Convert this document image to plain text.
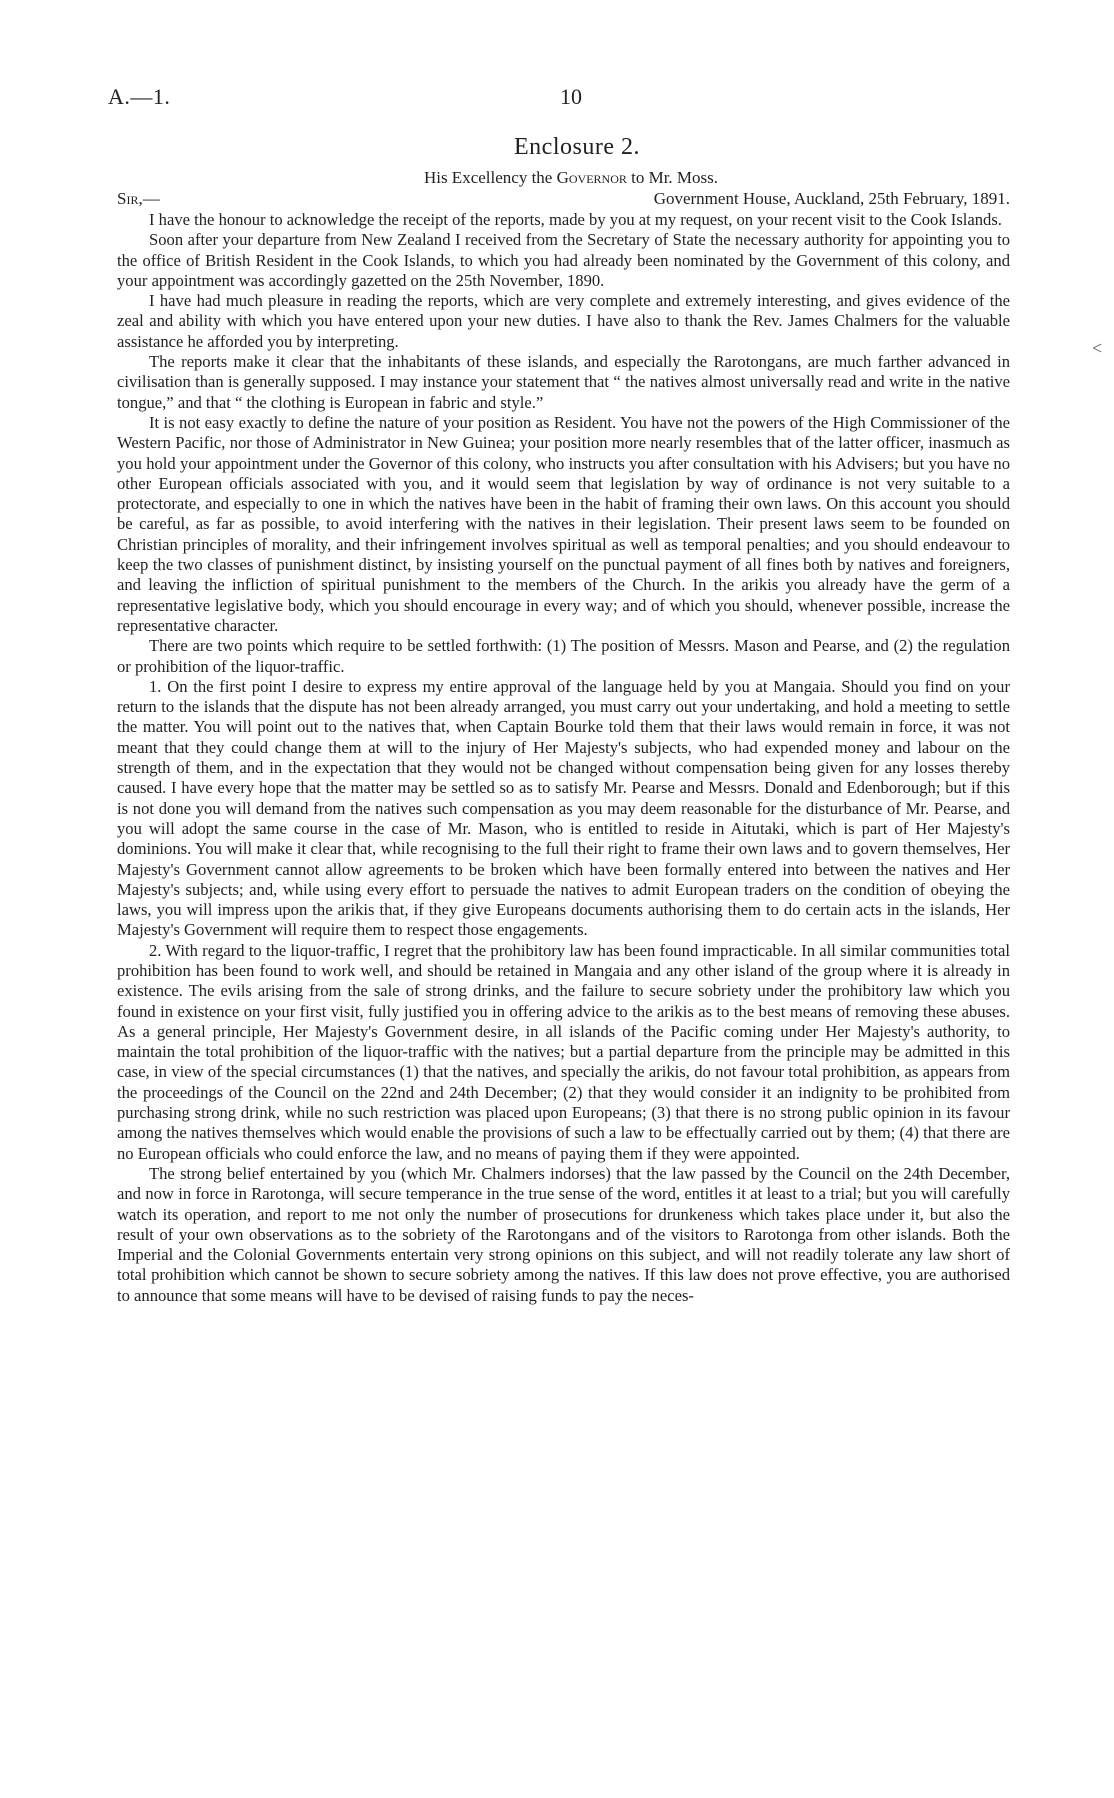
A.—1.	10
Enclosure 2.
His Excellency the Governor to Mr. Moss.
Sir,—	Government House, Auckland, 25th February, 1891.
<

I have the honour to acknowledge the receipt of the reports, made by you at my request, on your recent visit to the Cook Islands.

Soon after your departure from New Zealand I received from the Secretary of State the necessary authority for appointing you to the office of British Resident in the Cook Islands, to which you had already been nominated by the Government of this colony, and your appointment was accordingly gazetted on the 25th November, 1890.

I have had much pleasure in reading the reports, which are very complete and extremely interesting, and gives evidence of the zeal and ability with which you have entered upon your new duties. I have also to thank the Rev. James Chalmers for the valuable assistance he afforded you by interpreting.

The reports make it clear that the inhabitants of these islands, and especially the Rarotongans, are much farther advanced in civilisation than is generally supposed. I may instance your statement that “ the natives almost universally read and write in the native tongue,” and that “ the clothing is European in fabric and style.”

It is not easy exactly to define the nature of your position as Resident. You have not the powers of the High Commissioner of the Western Pacific, nor those of Administrator in New Guinea; your position more nearly resembles that of the latter officer, inasmuch as you hold your appointment under the Governor of this colony, who instructs you after consultation with his Advisers; but you have no other European officials associated with you, and it would seem that legislation by way of ordinance is not very suitable to a protectorate, and especially to one in which the natives have been in the habit of framing their own laws. On this account you should be careful, as far as possible, to avoid interfering with the natives in their legislation. Their present laws seem to be founded on Christian principles of morality, and their infringement involves spiritual as well as temporal penalties; and you should endeavour to keep the two classes of punishment distinct, by insisting yourself on the punctual payment of all fines both by natives and foreigners, and leaving the infliction of spiritual punishment to the members of the Church. In the arikis you already have the germ of a representative legislative body, which you should encourage in every way; and of which you should, whenever possible, increase the representative character.

There are two points which require to be settled forthwith: (1) The position of Messrs. Mason and Pearse, and (2) the regulation or prohibition of the liquor-traffic.

1. On the first point I desire to express my entire approval of the language held by you at Mangaia. Should you find on your return to the islands that the dispute has not been already arranged, you must carry out your undertaking, and hold a meeting to settle the matter. You will point out to the natives that, when Captain Bourke told them that their laws would remain in force, it was not meant that they could change them at will to the injury of Her Majesty's subjects, who had expended money and labour on the strength of them, and in the expectation that they would not be changed without compensation being given for any losses thereby caused. I have every hope that the matter may be settled so as to satisfy Mr. Pearse and Messrs. Donald and Edenborough; but if this is not done you will demand from the natives such compensation as you may deem reasonable for the disturbance of Mr. Pearse, and you will adopt the same course in the case of Mr. Mason, who is entitled to reside in Aitutaki, which is part of Her Majesty's dominions. You will make it clear that, while recognising to the full their right to frame their own laws and to govern themselves, Her Majesty's Government cannot allow agreements to be broken which have been formally entered into between the natives and Her Majesty's subjects; and, while using every effort to persuade the natives to admit European traders on the condition of obeying the laws, you will impress upon the arikis that, if they give Europeans documents authorising them to do certain acts in the islands, Her Majesty's Government will require them to respect those engagements.

2. With regard to the liquor-traffic, I regret that the prohibitory law has been found impracticable. In all similar communities total prohibition has been found to work well, and should be retained in Mangaia and any other island of the group where it is already in existence. The evils arising from the sale of strong drinks, and the failure to secure sobriety under the prohibitory law which you found in existence on your first visit, fully justified you in offering advice to the arikis as to the best means of removing these abuses. As a general principle, Her Majesty's Government desire, in all islands of the Pacific coming under Her Majesty's authority, to maintain the total prohibition of the liquor-traffic with the natives; but a partial departure from the principle may be admitted in this case, in view of the special circumstances (1) that the natives, and specially the arikis, do not favour total prohibition, as appears from the proceedings of the Council on the 22nd and 24th December; (2) that they would consider it an indignity to be prohibited from purchasing strong drink, while no such restriction was placed upon Europeans; (3) that there is no strong public opinion in its favour among the natives themselves which would enable the provisions of such a law to be effectually carried out by them; (4) that there are no European officials who could enforce the law, and no means of paying them if they were appointed.

The strong belief entertained by you (which Mr. Chalmers indorses) that the law passed by the Council on the 24th December, and now in force in Rarotonga, will secure temperance in the true sense of the word, entitles it at least to a trial; but you will carefully watch its operation, and report to me not only the number of prosecutions for drunkeness which takes place under it, but also the result of your own observations as to the sobriety of the Rarotongans and of the visitors to Rarotonga from other islands. Both the Imperial and the Colonial Governments entertain very strong opinions on this subject, and will not readily tolerate any law short of total prohibition which cannot be shown to secure sobriety among the natives. If this law does not prove effective, you are authorised to announce that some means will have to be devised of raising funds to pay the neces-
